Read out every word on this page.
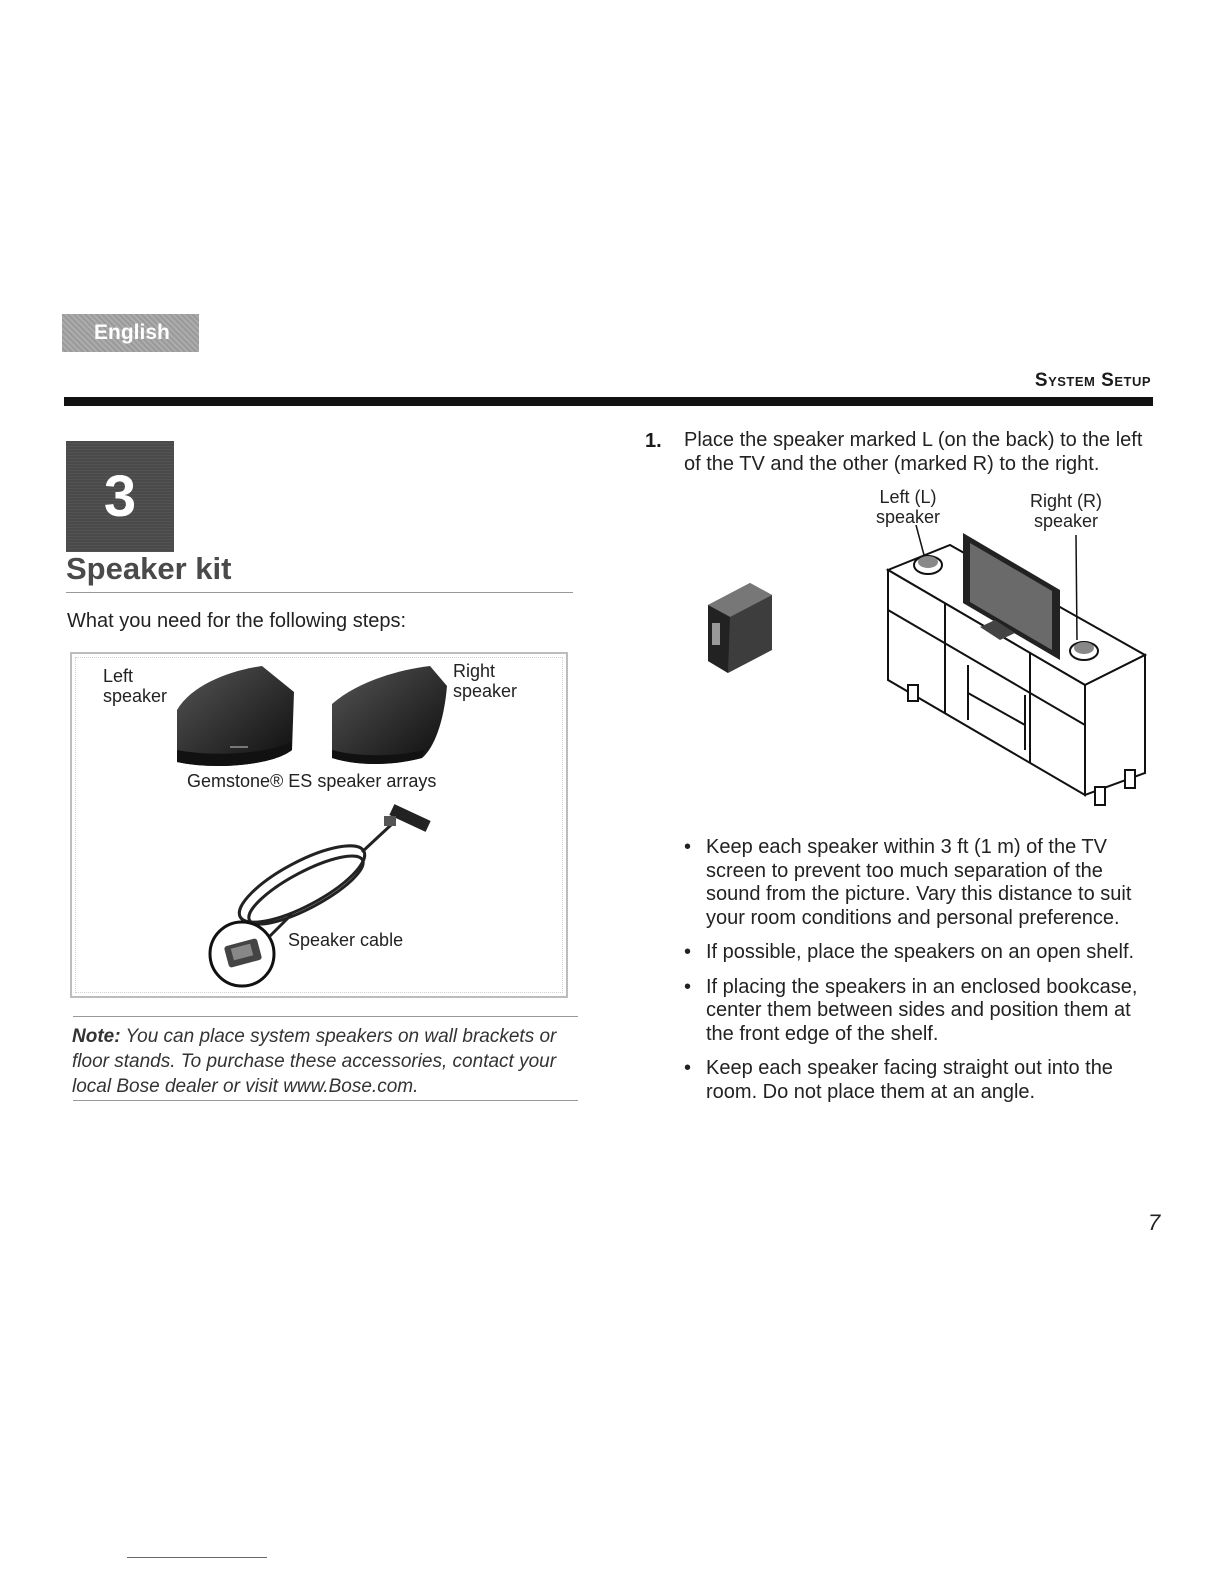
English
System Setup
3
Speaker kit
What you need for the following steps:
Left
speaker
Right
speaker
Gemstone® ES speaker arrays
Speaker cable
Note: You can place system speakers on wall brackets or floor stands. To purchase these accessories, contact your local Bose dealer or visit www.Bose.com.
1. Place the speaker marked L (on the back) to the left of the TV and the other (marked R) to the right.
Left (L)
speaker
Right (R)
speaker
• Keep each speaker within 3 ft (1 m) of the TV screen to prevent too much separation of the sound from the picture. Vary this distance to suit your room conditions and personal preference.
• If possible, place the speakers on an open shelf.
• If placing the speakers in an enclosed bookcase, center them between sides and position them at the front edge of the shelf.
• Keep each speaker facing straight out into the room. Do not place them at an angle.
7
